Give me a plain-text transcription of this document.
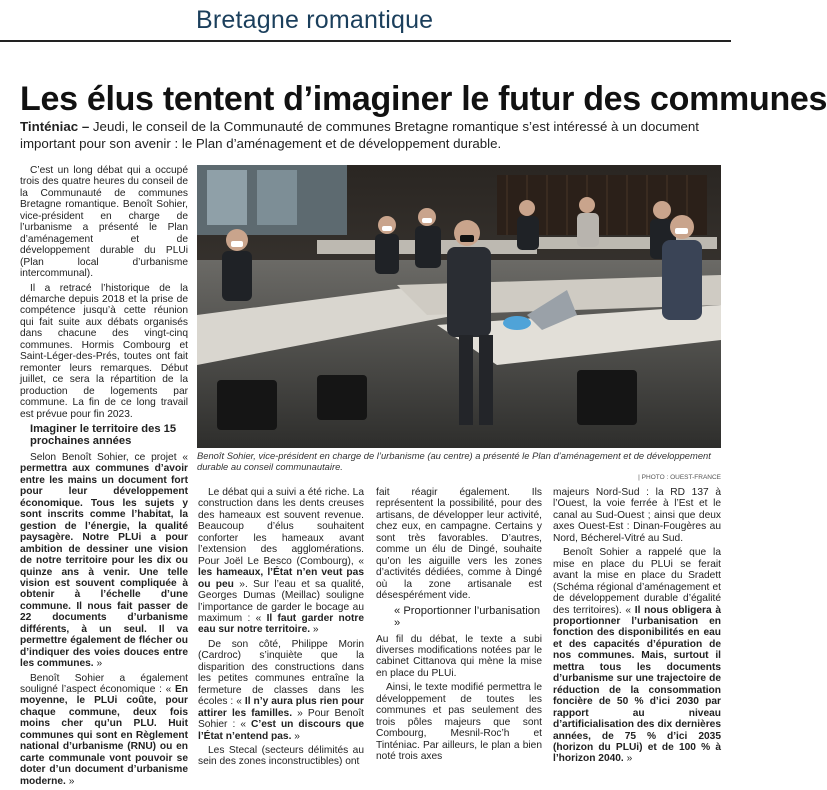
Bretagne romantique
Les élus tentent d’imaginer le futur des communes
Tinténiac – Jeudi, le conseil de la Communauté de communes Bretagne romantique s’est intéressé à un document important pour son avenir : le Plan d’aménagement et de développement durable.

C’est un long débat qui a occupé trois des quatre heures du conseil de la Communauté de communes Bretagne romantique. Benoît Sohier, vice-président en charge de l’urbanisme a présenté le Plan d’aménagement et de développement durable du PLUi (Plan local d’urbanisme intercommunal).

Il a retracé l’historique de la démarche depuis 2018 et la prise de compétence jusqu’à cette réunion qui fait suite aux débats organisés dans chacune des vingt-cinq communes. Hormis Combourg et Saint-Léger-des-Prés, toutes ont fait remonter leurs remarques. Début juillet, ce sera la répartition de la production de logements par commune. La fin de ce long travail est prévue pour fin 2023.

Imaginer le territoire des 15 prochaines années

Selon Benoît Sohier, ce projet « permettra aux communes d’avoir entre les mains un document fort pour leur développement économique. Tous les sujets y sont inscrits comme l’habitat, la gestion de l’énergie, la qualité paysagère. Notre PLUi a pour ambition de dessiner une vision de notre territoire pour les dix ou quinze ans à venir. Une telle vision est souvent compliquée à obtenir à l’échelle d’une commune. Il nous fait passer de 22 documents d’urbanisme différents, à un seul. Il va permettre également de flécher ou d’indiquer des voies douces entre les communes. »

Benoît Sohier a également souligné l’aspect économique : « En moyenne, le PLUi coûte, pour chaque commune, deux fois moins cher qu’un PLU. Huit communes qui sont en Règlement national d’urbanisme (RNU) ou en carte communale vont pouvoir se doter d’un document d’urbanisme moderne. »

Benoît Sohier, vice-président en charge de l’urbanisme (au centre) a présenté le Plan d’aménagement et de développement durable au conseil communautaire.
| PHOTO : OUEST-FRANCE

Le débat qui a suivi a été riche. La construction dans les dents creuses des hameaux est souvent revenue. Beaucoup d’élus souhaitent conforter les hameaux avant l’extension des agglomérations. Pour Joël Le Besco (Combourg), « les hameaux, l’État n’en veut pas ou peu ». Sur l’eau et sa qualité, Georges Dumas (Meillac) souligne l’importance de garder le bocage au maximum : « Il faut garder notre eau sur notre territoire. »

De son côté, Philippe Morin (Cardroc) s’inquiète que la disparition des constructions dans les petites communes entraîne la fermeture de classes dans les écoles : « Il n’y aura plus rien pour attirer les familles. » Pour Benoît Sohier : « C’est un discours que l’État n’entend pas. »

Les Stecal (secteurs délimités au sein des zones inconstructibles) ont

fait réagir également. Ils représentent la possibilité, pour des artisans, de développer leur activité, chez eux, en campagne. Certains y sont très favorables. D’autres, comme un élu de Dingé, souhaite qu’on les aiguille vers les zones d’activités dédiées, comme à Dingé où la zone artisanale est désespérément vide.

« Proportionner l’urbanisation »

Au fil du débat, le texte a subi diverses modifications notées par le cabinet Cittanova qui mène la mise en place du PLUi.

Ainsi, le texte modifié permettra le développement de toutes les communes et pas seulement des trois pôles majeurs que sont Combourg, Mesnil-Roc’h et Tinténiac. Par ailleurs, le plan a bien noté trois axes

majeurs Nord-Sud : la RD 137 à l’Ouest, la voie ferrée à l’Est et le canal au Sud-Ouest ; ainsi que deux axes Ouest-Est : Dinan-Fougères au Nord, Bécherel-Vitré au Sud.

Benoît Sohier a rappelé que la mise en place du PLUi se ferait avant la mise en place du Sradett (Schéma régional d’aménagement et de développement durable d’égalité des territoires). « Il nous obligera à proportionner l’urbanisation en fonction des disponibilités en eau et des capacités d’épuration de nos communes. Mais, surtout il mettra tous les documents d’urbanisme sur une trajectoire de réduction de la consommation foncière de 50 % d’ici 2030 par rapport au niveau d’artificialisation des dix dernières années, de 75 % d’ici 2035 (horizon du PLUi) et de 100 % à l’horizon 2040. »
